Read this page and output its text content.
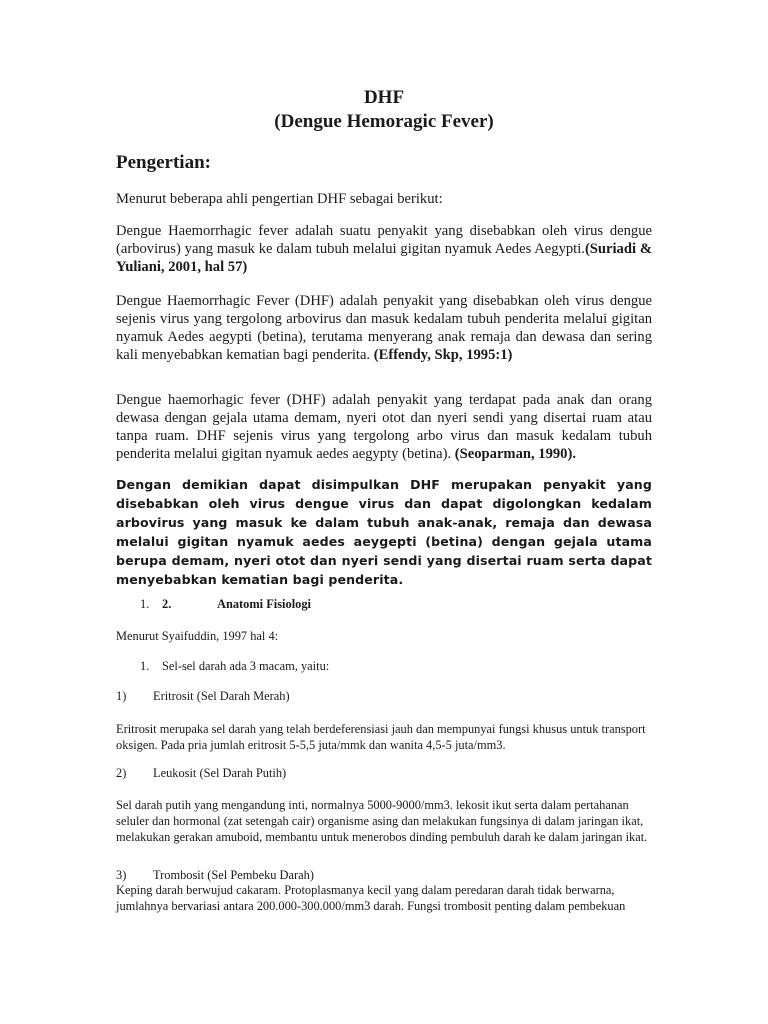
DHF
(Dengue Hemoragic Fever)
Pengertian:

Menurut beberapa ahli pengertian DHF sebagai berikut:

Dengue Haemorrhagic fever adalah suatu penyakit yang disebabkan oleh virus dengue (arbovirus) yang masuk ke dalam tubuh melalui gigitan nyamuk Aedes Aegypti.(Suriadi & Yuliani, 2001, hal 57)

Dengue Haemorrhagic Fever (DHF) adalah penyakit yang disebabkan oleh virus dengue sejenis virus yang tergolong arbovirus dan masuk kedalam tubuh penderita melalui gigitan nyamuk Aedes aegypti (betina), terutama menyerang anak remaja dan dewasa dan sering kali menyebabkan kematian bagi penderita. (Effendy, Skp, 1995:1)

Dengue haemorhagic fever (DHF) adalah penyakit yang terdapat pada anak dan orang dewasa dengan gejala utama demam, nyeri otot dan nyeri sendi yang disertai ruam atau tanpa ruam. DHF sejenis virus yang tergolong arbo virus dan masuk kedalam tubuh penderita melalui gigitan nyamuk aedes aegypty (betina). (Seoparman, 1990).

Dengan demikian dapat disimpulkan DHF merupakan penyakit yang disebabkan oleh virus dengue virus dan dapat digolongkan kedalam arbovirus yang masuk ke dalam tubuh anak-anak, remaja dan dewasa melalui gigitan nyamuk aedes aeygepti (betina) dengan gejala utama berupa demam, nyeri otot dan nyeri sendi yang disertai ruam serta dapat menyebabkan kematian bagi penderita.

1. 2.	Anatomi Fisiologi

Menurut Syaifuddin, 1997 hal 4:

1. Sel-sel darah ada 3 macam, yaitu:
1) Eritrosit (Sel Darah Merah)

Eritrosit merupaka sel darah yang telah berdeferensiasi jauh dan mempunyai fungsi khusus untuk transport oksigen. Pada pria jumlah eritrosit 5-5,5 juta/mmk dan wanita 4,5-5 juta/mm3.

2) Leukosit (Sel Darah Putih)

Sel darah putih yang mengandung inti, normalnya 5000-9000/mm3. lekosit ikut serta dalam pertahanan seluler dan hormonal (zat setengah cair) organisme asing dan melakukan fungsinya di dalam jaringan ikat, melakukan gerakan amuboid, membantu untuk menerobos dinding pembuluh darah ke dalam jaringan ikat.

3) Trombosit (Sel Pembeku Darah)

Keping darah berwujud cakaram. Protoplasmanya kecil yang dalam peredaran darah tidak berwarna, jumlahnya bervariasi antara 200.000-300.000/mm3 darah. Fungsi trombosit penting dalam pembekuan
